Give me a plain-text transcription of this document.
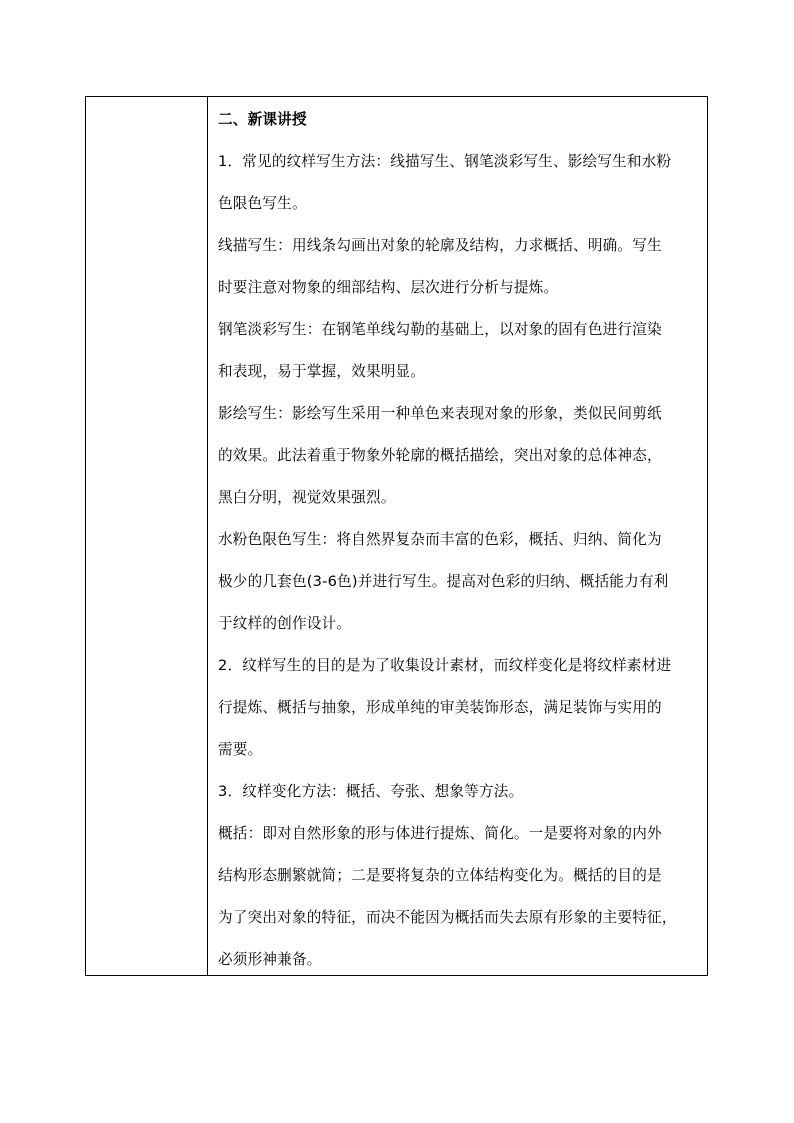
二、新课讲授
1．常见的纹样写生方法：线描写生、钢笔淡彩写生、影绘写生和水粉
色限色写生。
线描写生：用线条勾画出对象的轮廓及结构，力求概括、明确。写生
时要注意对物象的细部结构、层次进行分析与提炼。
钢笔淡彩写生：在钢笔单线勾勒的基础上，以对象的固有色进行渲染
和表现，易于掌握，效果明显。
影绘写生：影绘写生采用一种单色来表现对象的形象，类似民间剪纸
的效果。此法着重于物象外轮廓的概括描绘，突出对象的总体神态，
黑白分明，视觉效果强烈。
水粉色限色写生：将自然界复杂而丰富的色彩，概括、归纳、简化为
极少的几套色(3-6色)并进行写生。提高对色彩的归纳、概括能力有利
于纹样的创作设计。
2．纹样写生的目的是为了收集设计素材，而纹样变化是将纹样素材进
行提炼、概括与抽象，形成单纯的审美装饰形态，满足装饰与实用的
需要。
3．纹样变化方法：概括、夸张、想象等方法。
概括：即对自然形象的形与体进行提炼、简化。一是要将对象的内外
结构形态删繁就简；二是要将复杂的立体结构变化为。概括的目的是
为了突出对象的特征，而决不能因为概括而失去原有形象的主要特征，
必须形神兼备。
